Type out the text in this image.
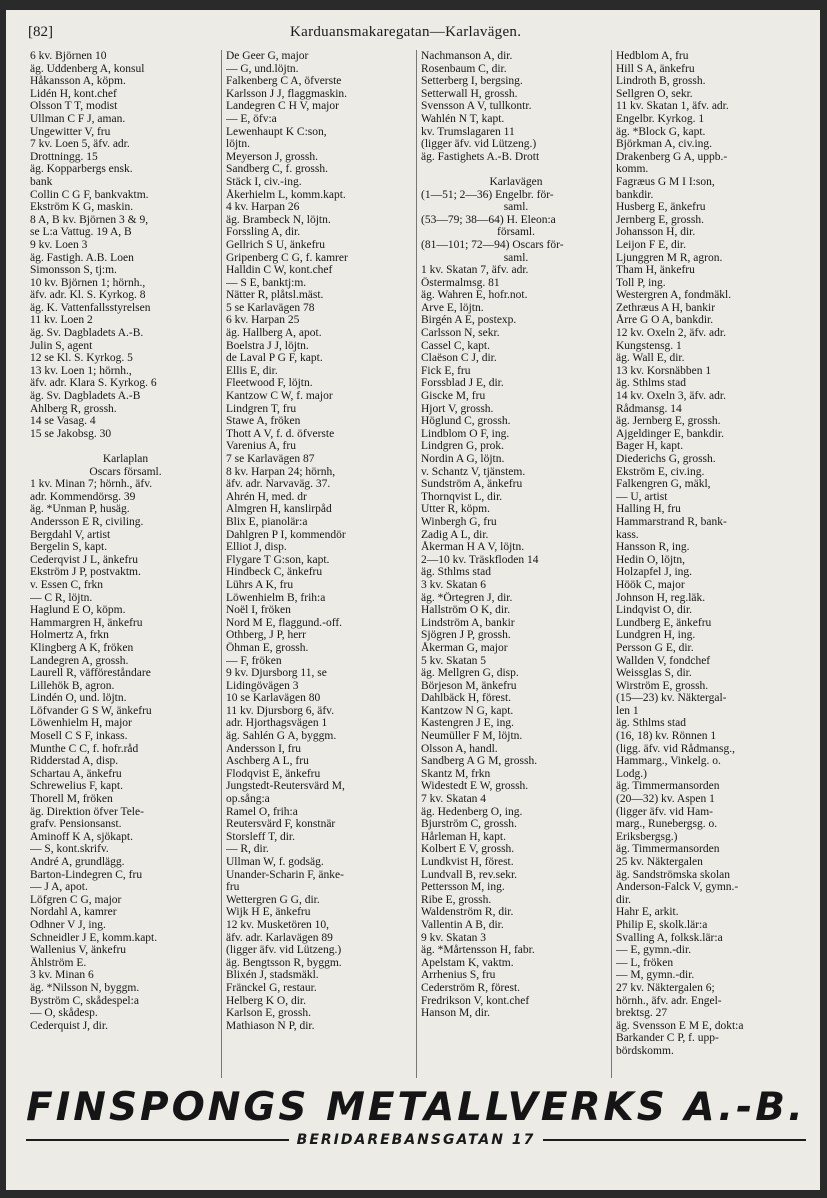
[82]	Karduansmakaregatan—Karlavägen.
6 kv. Björnen 10
äg. Uddenberg A, konsul
Håkansson A, köpm.
Lidén H, kont.chef
Olsson T T, modist
Ullman C F J, aman.
Ungewitter V, fru
7 kv. Loen 5, äfv. adr.
Drottningg. 15
äg. Kopparbergs ensk.
bank
Collin C G F, bankvaktm.
Ekström K G, maskin.
8 A, B kv. Björnen 3 & 9,
se L:a Vattug. 19 A, B
9 kv. Loen 3
äg. Fastigh. A.B. Loen
Simonsson S, tj:m.
10 kv. Björnen 1; hörnh.,
äfv. adr. Kl. S. Kyrkog. 8
äg. K. Vattenfallsstyrelsen
11 kv. Loen 2
äg. Sv. Dagbladets A.-B.
Julin S, agent
12 se Kl. S. Kyrkog. 5
13 kv. Loen 1; hörnh.,
äfv. adr. Klara S. Kyrkog. 6
äg. Sv. Dagbladets A.-B
Ahlberg R, grossh.
14 se Vasag. 4
15 se Jakobsg. 30

Karlaplan
Oscars församl.
1 kv. Minan 7; hörnh., äfv.
adr. Kommendörsg. 39
äg. *Unman P, husäg.
Andersson E R, civiling.
Bergdahl V, artist
Bergelin S, kapt.
Cederqvist J L, änkefru
Ekström J P, postvaktm.
v. Essen C, frkn
— C R, löjtn.
Haglund E O, köpm.
Hammargren H, änkefru
Holmertz A, frkn
Klingberg A K, fröken
Landegren A, grossh.
Laurell R, väfföreståndare
Lillehök B, agron.
Lindén O, und. löjtn.
Löfvander G S W, änkefru
Löwenhielm H, major
Mosell C S F, inkass.
Munthe C C, f. hofr.råd
Ridderstad A, disp.
Schartau A, änkefru
Schrewelius F, kapt.
Thorell M, fröken
äg. Direktion öfver Tele-
grafv. Pensionsanst.
Aminoff K A, sjökapt.
— S, kont.skrifv.
André A, grundlägg.
Barton-Lindegren C, fru
— J A, apot.
Löfgren C G, major
Nordahl A, kamrer
Odhner V J, ing.
Schneidler J E, komm.kapt.
Wallenius V, änkefru
Ählström E.
3 kv. Minan 6
äg. *Nilsson N, byggm.
Byström C, skådespel:a
— O, skådesp.
Cederquist J, dir.
De Geer G, major
— G, und.löjtn.
Falkenberg C A, öfverste
Karlsson J J, flaggmaskin.
Landegren C H V, major
— E, öfv:a
Lewenhaupt K C:son,
löjtn.
Meyerson J, grossh.
Sandberg C, f. grossh.
Stäck I, civ.-ing.
Åkerhielm L, komm.kapt.
4 kv. Harpan 26
äg. Brambeck N, löjtn.
Forssling A, dir.
Gellrich S U, änkefru
Gripenberg C G, f. kamrer
Halldin C W, kont.chef
— S E, banktj:m.
Nätter R, plåtsl.mäst.
5 se Karlavägen 78
6 kv. Harpan 25
äg. Hallberg A, apot.
Boelstra J J, löjtn.
de Laval P G F, kapt.
Ellis E, dir.
Fleetwood F, löjtn.
Kantzow C W, f. major
Lindgren T, fru
Stawe A, fröken
Thott A V, f. d. öfverste
Varenius A, fru
7 se Karlavägen 87
8 kv. Harpan 24; hörnh,
äfv. adr. Narvaväg. 37.
Ahrén H, med. dr
Almgren H, kanslirpåd
Blix E, pianolär:a
Dahlgren P I, kommendör
Elliot J, disp.
Flygare T G:son, kapt.
Hindbeck C, änkefru
Lührs A K, fru
Löwenhielm B, frih:a
Noël I, fröken
Nord M E, flaggund.-off.
Othberg, J P, herr
Öhman E, grossh.
— F, fröken
9 kv. Djursborg 11, se
Lidingövägen 3
10 se Karlavägen 80
11 kv. Djursborg 6, äfv.
adr. Hjorthagsvägen 1
äg. Sahlén G A, byggm.
Andersson I, fru
Aschberg A L, fru
Flodqvist E, änkefru
Jungstedt-Reutersvärd M,
op.sång:a
Ramel O, frih:a
Reutersvärd F, konstnär
Storsleff T, dir.
— R, dir.
Ullman W, f. godsäg.
Unander-Scharin F, änke-
fru
Wettergren G G, dir.
Wijk H E, änkefru
12 kv. Musketören 10,
äfv. adr. Karlavägen 89
(ligger äfv. vid Lützeng.)
äg. Bengtsson R, byggm.
Blixén J, stadsmäkl.
Fränckel G, restaur.
Helberg K O, dir.
Karlson E, grossh.
Mathiason N P, dir.
Nachmanson A, dir.
Rosenbaum C, dir.
Setterberg I, bergsing.
Setterwall H, grossh.
Svensson A V, tullkontr.
Wahlén N T, kapt.
kv. Trumslagaren 11
(ligger äfv. vid Lützeng.)
äg. Fastighets A.-B. Drott

Karlavägen
(1—51; 2—36) Engelbr. för-
saml.
(53—79; 38—64) H. Eleon:a
församl.
(81—101; 72—94) Oscars för-
saml.
1 kv. Skatan 7, äfv. adr.
Östermalmsg. 81
äg. Wahren E, hofr.not.
Arve E, löjtn.
Birgén A E, postexp.
Carlsson N, sekr.
Cassel C, kapt.
Claëson C J, dir.
Fick E, fru
Forssblad J E, dir.
Giscke M, fru
Hjort V, grossh.
Höglund C, grossh.
Lindblom O F, ing.
Lindgren G, prok.
Nordin A G, löjtn.
v. Schantz V, tjänstem.
Sundström A, änkefru
Thornqvist L, dir.
Utter R, köpm.
Winbergh G, fru
Zadig A L, dir.
Åkerman H A V, löjtn.
2—10 kv. Träskfloden 14
äg. Sthlms stad
3 kv. Skatan 6
äg. *Örtegren J, dir.
Hallström O K, dir.
Lindström A, bankir
Sjögren J P, grossh.
Åkerman G, major
5 kv. Skatan 5
äg. Mellgren G, disp.
Börjeson M, änkefru
Dahlbäck H, förest.
Kantzow N G, kapt.
Kastengren J E, ing.
Neumüller F M, löjtn.
Olsson A, handl.
Sandberg A G M, grossh.
Skantz M, frkn
Widestedt E W, grossh.
7 kv. Skatan 4
äg. Hedenberg O, ing.
Bjurström C, grossh.
Hårleman H, kapt.
Kolbert E V, grossh.
Lundkvist H, förest.
Lundvall B, rev.sekr.
Pettersson M, ing.
Ribe E, grossh.
Waldenström R, dir.
Vallentin A B, dir.
9 kv. Skatan 3
äg. *Mårtensson H, fabr.
Apelstam K, vaktm.
Arrhenius S, fru
Cederström R, förest.
Fredrikson V, kont.chef
Hanson M, dir.
Hedblom A, fru
Hill S A, änkefru
Lindroth B, grossh.
Sellgren O, sekr.
11 kv. Skatan 1, äfv. adr.
Engelbr. Kyrkog. 1
äg. *Block G, kapt.
Björkman A, civ.ing.
Drakenberg G A, uppb.-
komm.
Fagræus G M I I:son,
bankdir.
Husberg E, änkefru
Jernberg E, grossh.
Johansson H, dir.
Leijon F E, dir.
Ljunggren M R, agron.
Tham H, änkefru
Toll P, ing.
Westergren A, fondmäkl.
Zethræus A H, bankir
Årre G O A, bankdir.
12 kv. Oxeln 2, äfv. adr.
Kungstensg. 1
äg. Wall E, dir.
13 kv. Korsnäbben 1
äg. Sthlms stad
14 kv. Oxeln 3, äfv. adr.
Rådmansg. 14
äg. Jernberg E, grossh.
Ajgeldinger E, bankdir.
Bager H, kapt.
Diederichs G, grossh.
Ekström E, civ.ing.
Falkengren G, mäkl,
— U, artist
Halling H, fru
Hammarstrand R, bank-
kass.
Hansson R, ing.
Hedin O, löjtn,
Holzapfel J, ing.
Höök C, major
Johnson H, reg.läk.
Lindqvist O, dir.
Lundberg E, änkefru
Lundgren H, ing.
Persson G E, dir.
Wallden V, fondchef
Weissglas S, dir.
Wirström E, grossh.
(15—23) kv. Näktergal-
len 1
äg. Sthlms stad
(16, 18) kv. Rönnen 1
(ligg. äfv. vid Rådmansg.,
Hammarg., Vinkelg. o.
Lodg.)
äg. Timmermansorden
(20—32) kv. Aspen 1
(ligger äfv. vid Ham-
marg., Runebergsg. o.
Eriksbergsg.)
äg. Timmermansorden
25 kv. Näktergalen
äg. Sandströmska skolan
Anderson-Falck V, gymn.-
dir.
Hahr E, arkit.
Philip E, skolk.lär:a
Svalling A, folksk.lär:a
— E, gymn.-dir.
— L, fröken
— M, gymn.-dir.
27 kv. Näktergalen 6;
hörnh., äfv. adr. Engel-
brektsg. 27
äg. Svensson E M E, dokt:a
Barkander C P, f. upp-
bördskomm.
FINSPONGS METALLVERKS A.-B.
BERIDAREBANSGATAN 17
